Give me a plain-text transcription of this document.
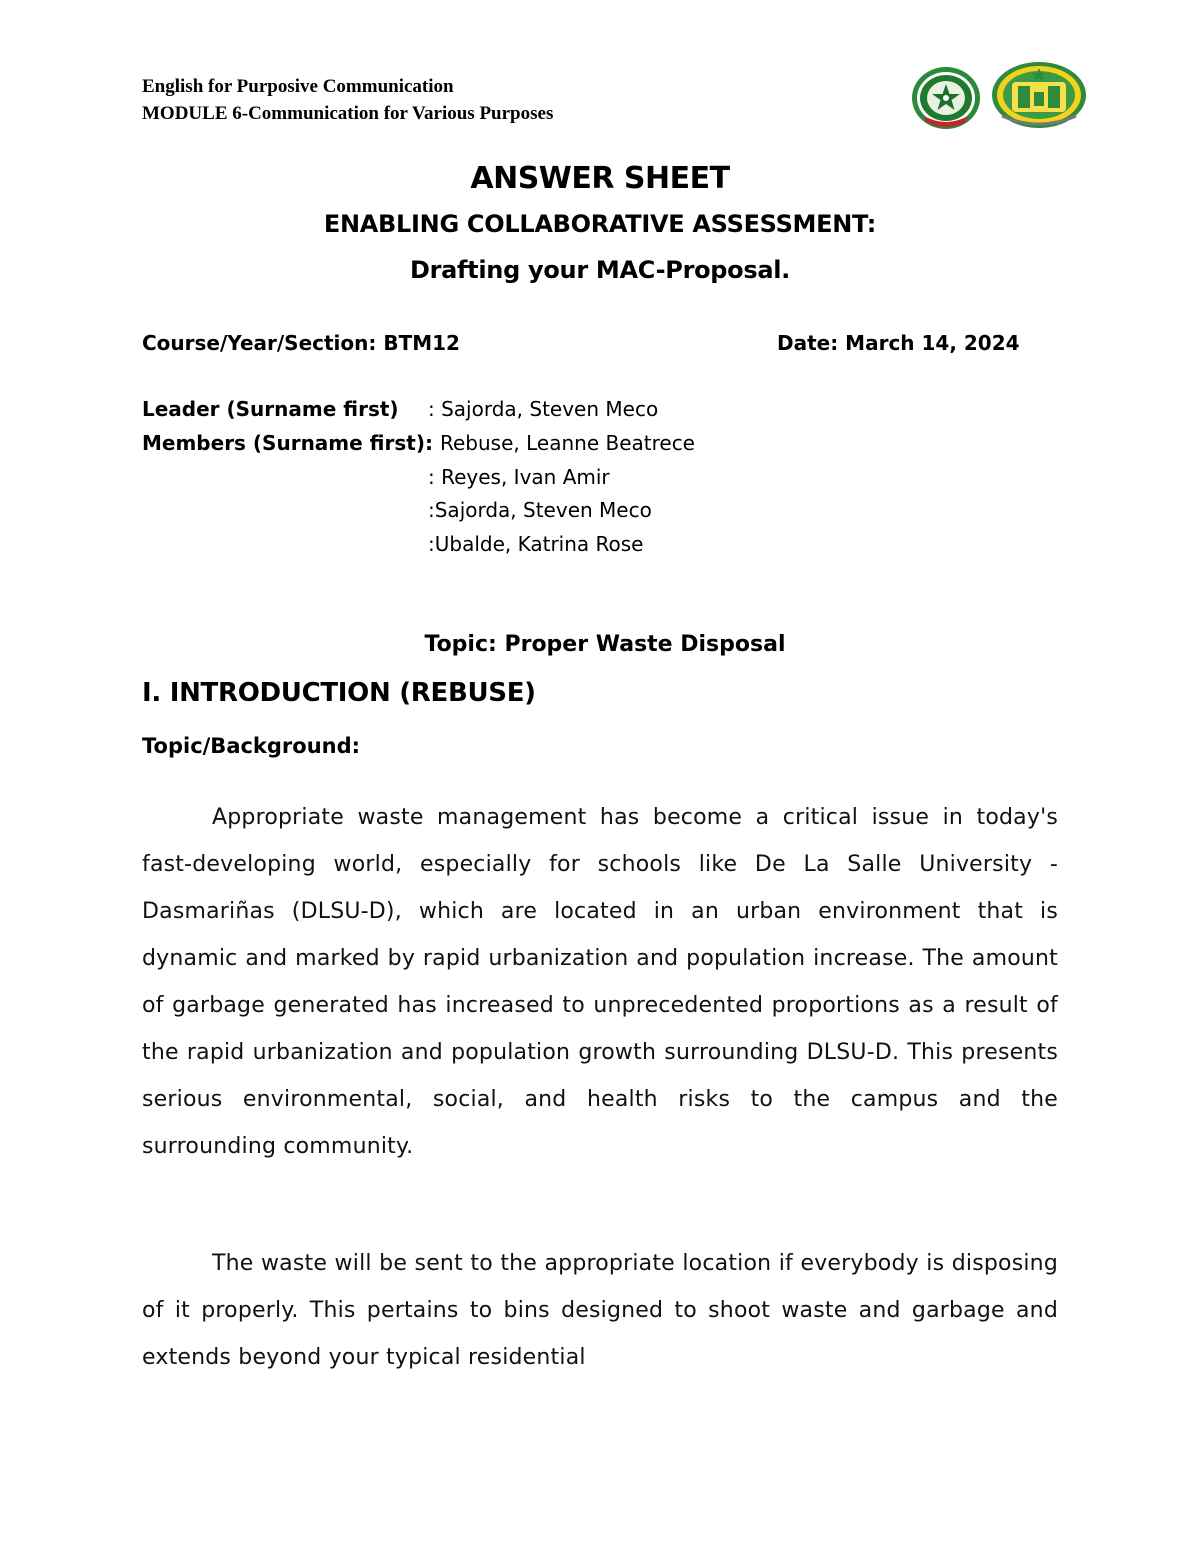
English for Purposive Communication
MODULE 6-Communication for Various Purposes
ANSWER SHEET
ENABLING COLLABORATIVE ASSESSMENT:
Drafting your MAC-Proposal.
Course/Year/Section: BTM12	Date: March 14, 2024
Leader (Surname first) : Sajorda, Steven Meco
Members (Surname first): Rebuse, Leanne Beatrece
: Reyes, Ivan Amir
:Sajorda, Steven Meco
:Ubalde, Katrina Rose
Topic: Proper Waste Disposal
I. INTRODUCTION (REBUSE)
Topic/Background:
Appropriate waste management has become a critical issue in today's fast-developing world, especially for schools like De La Salle University - Dasmariñas (DLSU-D), which are located in an urban environment that is dynamic and marked by rapid urbanization and population increase. The amount of garbage generated has increased to unprecedented proportions as a result of the rapid urbanization and population growth surrounding DLSU-D. This presents serious environmental, social, and health risks to the campus and the surrounding community.
The waste will be sent to the appropriate location if everybody is disposing of it properly. This pertains to bins designed to shoot waste and garbage and extends beyond your typical residential
